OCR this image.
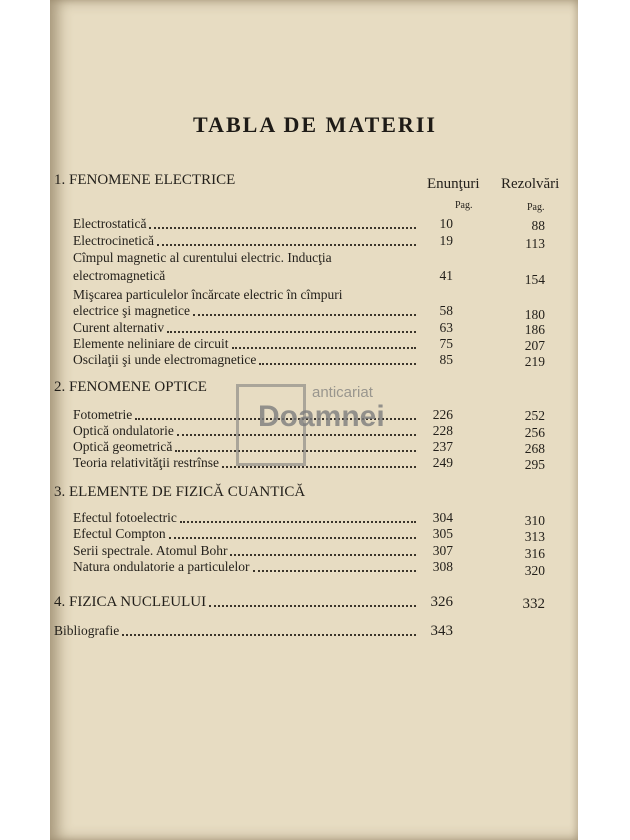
TABLA DE MATERII
Enunţuri Rezolvări
Pag.	Pag.
1. FENOMENE ELECTRICE
Electrostatică	10	88
Electrocinetică	19	113
Cîmpul magnetic al curentului electric. Inducţia
electromagnetică	41	154
Mişcarea particulelor încărcate electric în cîmpuri
electrice şi magnetice	58	180
Curent alternativ	63	186
Elemente neliniare de circuit	75	207
Oscilaţii şi unde electromagnetice	85	219
2. FENOMENE OPTICE
Fotometrie	226	252
Optică ondulatorie	228	256
Optică geometrică	237	268
Teoria relativităţii restrînse	249	295
3. ELEMENTE DE FIZICĂ CUANTICĂ
Efectul fotoelectric	304	310
Efectul Compton	305	313
Serii spectrale. Atomul Bohr	307	316
Natura ondulatorie a particulelor	308	320
4. FIZICA NUCLEULUI	326	332
Bibliografie	343
anticariat
Doamnei
